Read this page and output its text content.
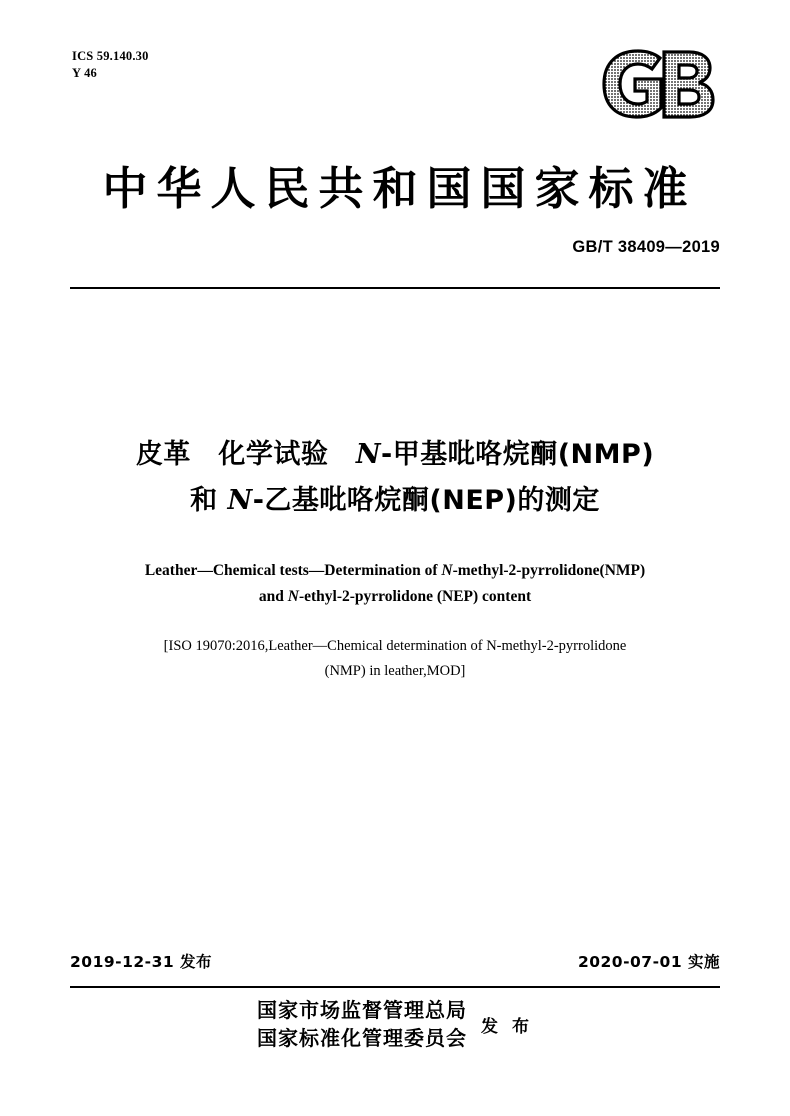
ICS 59.140.30
Y 46
中华人民共和国国家标准
GB/T 38409—2019
皮革　化学试验　N-甲基吡咯烷酮(NMP)
和 N-乙基吡咯烷酮(NEP)的测定
Leather—Chemical tests—Determination of N-methyl-2-pyrrolidone(NMP)
and N-ethyl-2-pyrrolidone (NEP) content
[ISO 19070:2016,Leather—Chemical determination of N-methyl-2-pyrrolidone
(NMP) in leather,MOD]
2019-12-31 发布	2020-07-01 实施
国家市场监督管理总局
国家标准化管理委员会 发 布
